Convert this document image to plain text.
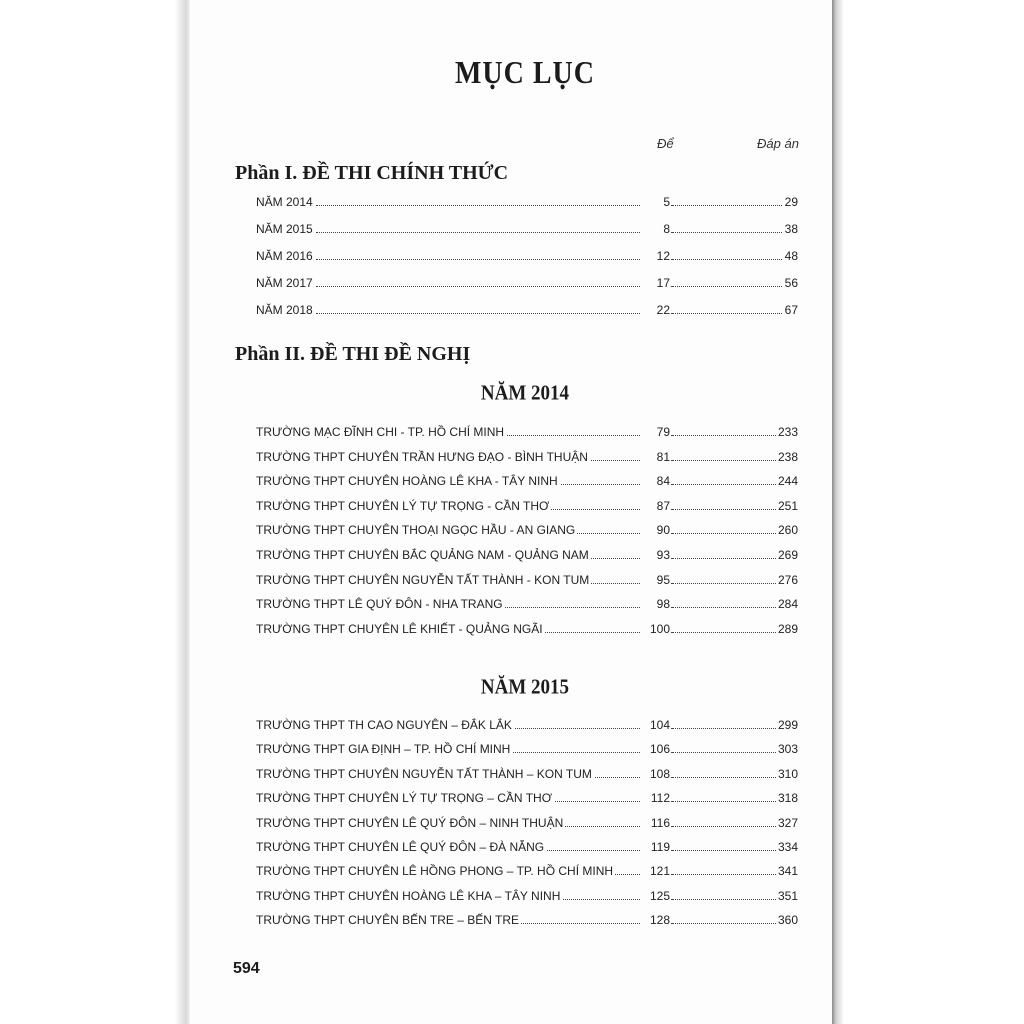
MỤC LỤC
Để	Đáp án
Phần I. ĐỀ THI CHÍNH THỨC
NĂM 2014	5	29
NĂM 2015	8	38
NĂM 2016	12	48
NĂM 2017	17	56
NĂM 2018	22	67
Phần II. ĐỀ THI ĐỀ NGHỊ
NĂM 2014
TRƯỜNG MẠC ĐĨNH CHI - TP. HỒ CHÍ MINH	79	233
TRƯỜNG THPT CHUYÊN TRẦN HƯNG ĐẠO - BÌNH THUẬN	81	238
TRƯỜNG THPT CHUYÊN HOÀNG LÊ KHA - TÂY NINH	84	244
TRƯỜNG THPT CHUYÊN LÝ TỰ TRỌNG - CẦN THƠ	87	251
TRƯỜNG THPT CHUYÊN THOẠI NGỌC HẦU - AN GIANG	90	260
TRƯỜNG THPT CHUYÊN BẮC QUẢNG NAM - QUẢNG NAM	93	269
TRƯỜNG THPT CHUYÊN NGUYỄN TẤT THÀNH - KON TUM	95	276
TRƯỜNG THPT LÊ QUÝ ĐÔN - NHA TRANG	98	284
TRƯỜNG THPT CHUYÊN LÊ KHIẾT - QUẢNG NGÃI	100	289
NĂM 2015
TRƯỜNG THPT TH CAO NGUYÊN – ĐẮK LẮK	104	299
TRƯỜNG THPT GIA ĐỊNH – TP. HỒ CHÍ MINH	106	303
TRƯỜNG THPT CHUYÊN NGUYỄN TẤT THÀNH – KON TUM	108	310
TRƯỜNG THPT CHUYÊN LÝ TỰ TRỌNG – CẦN THƠ	112	318
TRƯỜNG THPT CHUYÊN LÊ QUÝ ĐÔN – NINH THUẬN	116	327
TRƯỜNG THPT CHUYÊN LÊ QUÝ ĐÔN – ĐÀ NẴNG	119	334
TRƯỜNG THPT CHUYÊN LÊ HỒNG PHONG – TP. HỒ CHÍ MINH	121	341
TRƯỜNG THPT CHUYÊN HOÀNG LÊ KHA – TÂY NINH	125	351
TRƯỜNG THPT CHUYÊN BẾN TRE – BẾN TRE	128	360

594
